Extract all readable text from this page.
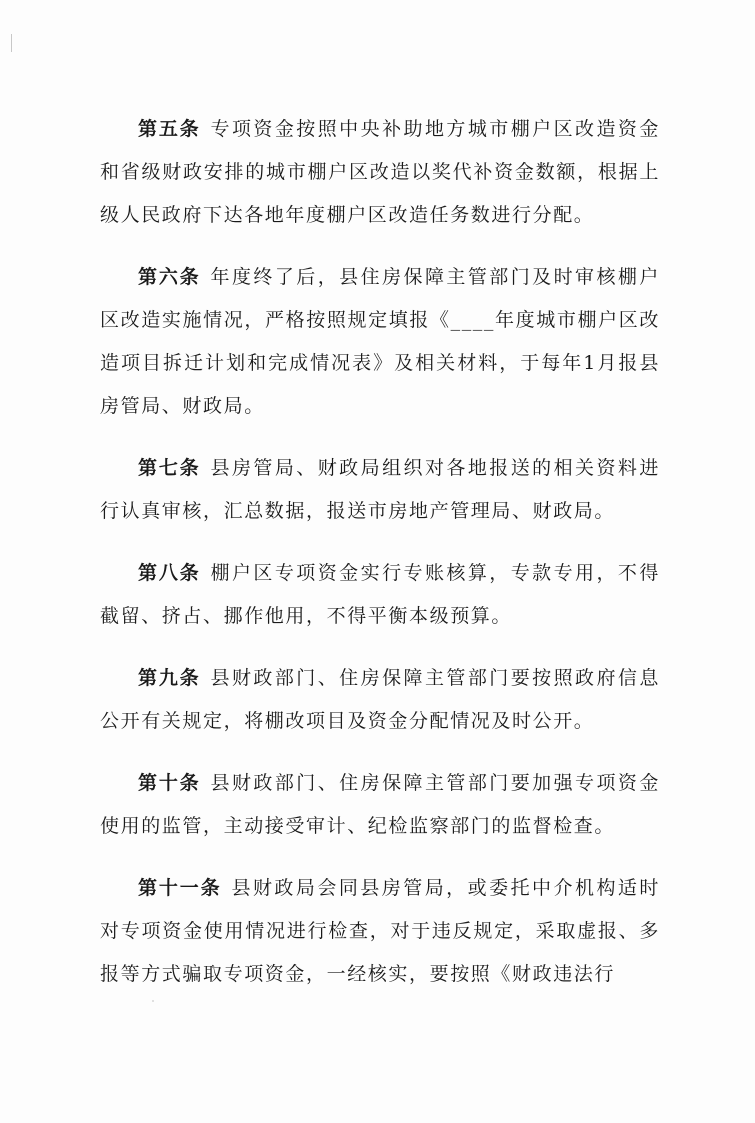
第五条 专项资金按照中央补助地方城市棚户区改造资金和省级财政安排的城市棚户区改造以奖代补资金数额，根据上级人民政府下达各地年度棚户区改造任务数进行分配。

第六条 年度终了后，县住房保障主管部门及时审核棚户区改造实施情况，严格按照规定填报《____年度城市棚户区改造项目拆迁计划和完成情况表》及相关材料，于每年1月报县房管局、财政局。

第七条 县房管局、财政局组织对各地报送的相关资料进行认真审核，汇总数据，报送市房地产管理局、财政局。

第八条 棚户区专项资金实行专账核算，专款专用，不得截留、挤占、挪作他用，不得平衡本级预算。

第九条 县财政部门、住房保障主管部门要按照政府信息公开有关规定，将棚改项目及资金分配情况及时公开。

第十条 县财政部门、住房保障主管部门要加强专项资金使用的监管，主动接受审计、纪检监察部门的监督检查。

第十一条 县财政局会同县房管局，或委托中介机构适时对专项资金使用情况进行检查，对于违反规定，采取虚报、多报等方式骗取专项资金，一经核实，要按照《财政违法行
